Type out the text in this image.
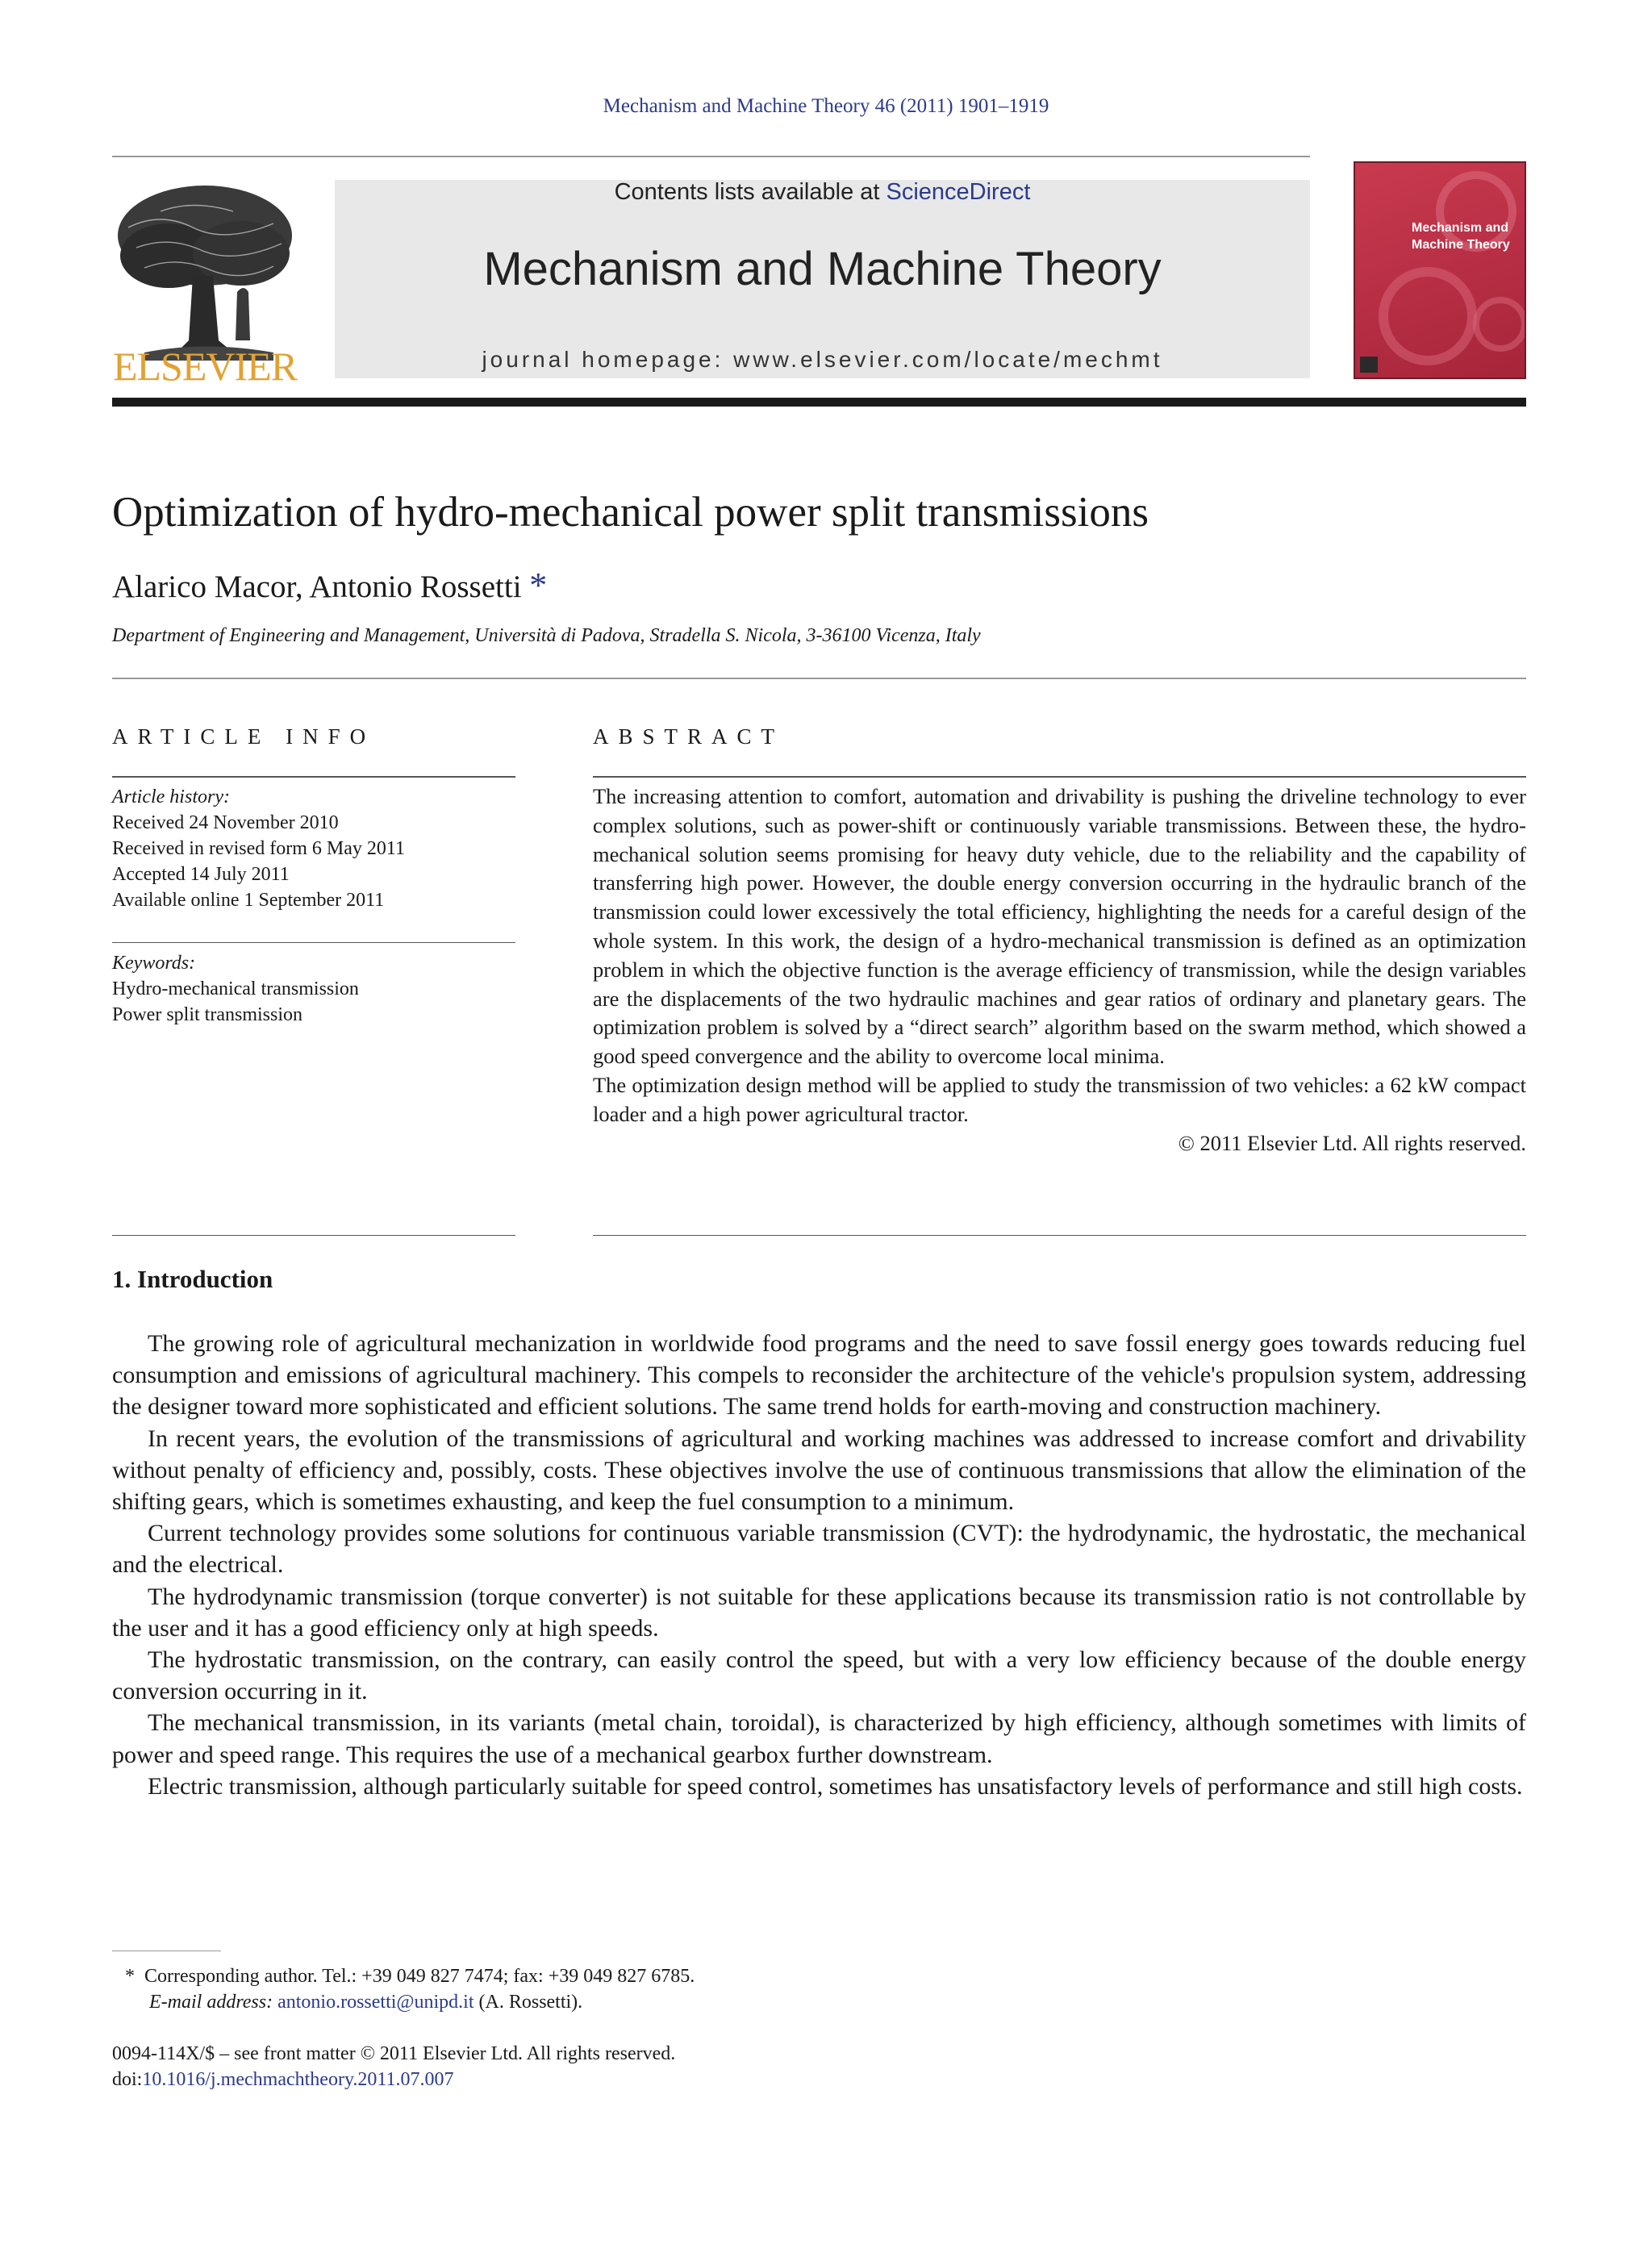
Mechanism and Machine Theory 46 (2011) 1901–1919
ELSEVIER
Contents lists available at ScienceDirect
Mechanism and Machine Theory
journal homepage: www.elsevier.com/locate/mechmt
Mechanism and Machine Theory
Optimization of hydro-mechanical power split transmissions
Alarico Macor, Antonio Rossetti *
Department of Engineering and Management, Università di Padova, Stradella S. Nicola, 3-36100 Vicenza, Italy
ARTICLE INFO
Article history:
Received 24 November 2010
Received in revised form 6 May 2011
Accepted 14 July 2011
Available online 1 September 2011
Keywords:
Hydro-mechanical transmission
Power split transmission
ABSTRACT

The increasing attention to comfort, automation and drivability is pushing the driveline technology to ever complex solutions, such as power-shift or continuously variable transmissions. Between these, the hydro-mechanical solution seems promising for heavy duty vehicle, due to the reliability and the capability of transferring high power. However, the double energy conversion occurring in the hydraulic branch of the transmission could lower excessively the total efficiency, highlighting the needs for a careful design of the whole system. In this work, the design of a hydro-mechanical transmission is defined as an optimization problem in which the objective function is the average efficiency of transmission, while the design variables are the displacements of the two hydraulic machines and gear ratios of ordinary and planetary gears. The optimization problem is solved by a “direct search” algorithm based on the swarm method, which showed a good speed convergence and the ability to overcome local minima.

The optimization design method will be applied to study the transmission of two vehicles: a 62 kW compact loader and a high power agricultural tractor.

© 2011 Elsevier Ltd. All rights reserved.

1. Introduction

The growing role of agricultural mechanization in worldwide food programs and the need to save fossil energy goes towards reducing fuel consumption and emissions of agricultural machinery. This compels to reconsider the architecture of the vehicle's propulsion system, addressing the designer toward more sophisticated and efficient solutions. The same trend holds for earth-moving and construction machinery.

In recent years, the evolution of the transmissions of agricultural and working machines was addressed to increase comfort and drivability without penalty of efficiency and, possibly, costs. These objectives involve the use of continuous transmissions that allow the elimination of the shifting gears, which is sometimes exhausting, and keep the fuel consumption to a minimum.

Current technology provides some solutions for continuous variable transmission (CVT): the hydrodynamic, the hydrostatic, the mechanical and the electrical.

The hydrodynamic transmission (torque converter) is not suitable for these applications because its transmission ratio is not controllable by the user and it has a good efficiency only at high speeds.

The hydrostatic transmission, on the contrary, can easily control the speed, but with a very low efficiency because of the double energy conversion occurring in it.

The mechanical transmission, in its variants (metal chain, toroidal), is characterized by high efficiency, although sometimes with limits of power and speed range. This requires the use of a mechanical gearbox further downstream.

Electric transmission, although particularly suitable for speed control, sometimes has unsatisfactory levels of performance and still high costs.

* Corresponding author. Tel.: +39 049 827 7474; fax: +39 049 827 6785.
E-mail address: antonio.rossetti@unipd.it (A. Rossetti).
0094-114X/$ – see front matter © 2011 Elsevier Ltd. All rights reserved.
doi:10.1016/j.mechmachtheory.2011.07.007
